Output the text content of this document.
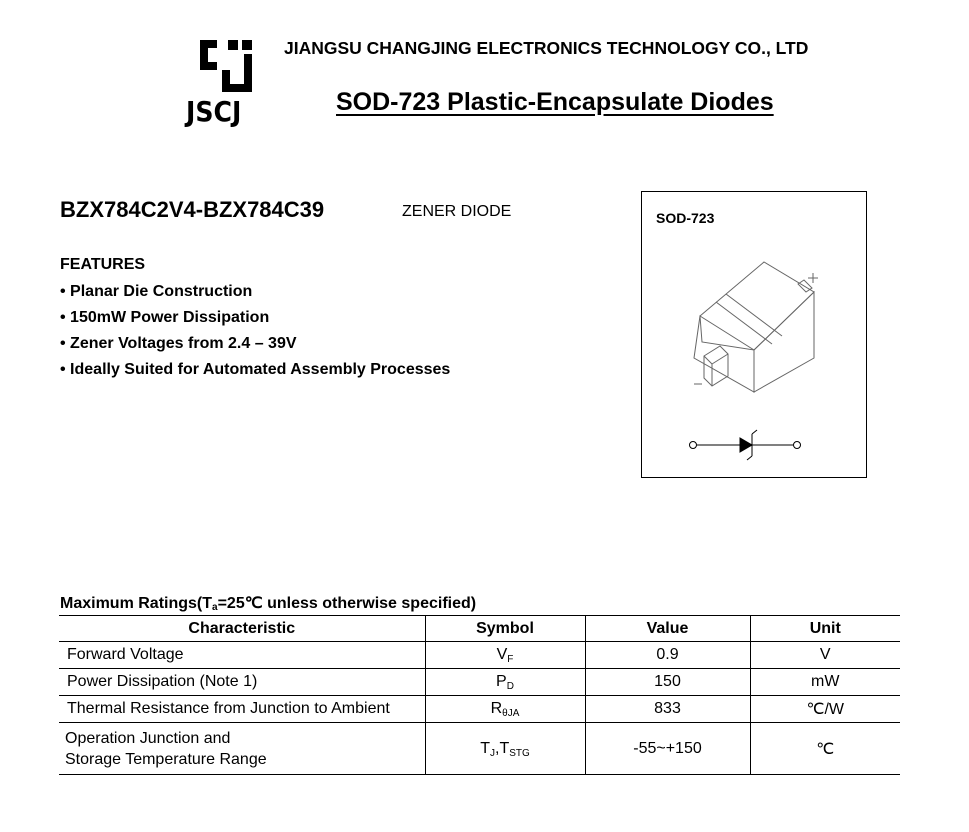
JSCJ
JIANGSU CHANGJING ELECTRONICS TECHNOLOGY CO., LTD
SOD-723 Plastic-Encapsulate Diodes
BZX784C2V4-BZX784C39	ZENER DIODE
FEATURES
• Planar Die Construction
• 150mW Power Dissipation
• Zener Voltages from 2.4 – 39V
• Ideally Suited for Automated Assembly Processes
SOD-723
Maximum $Ratings(T_a=25℃$ unless otherwise specified)
Characteristic	Symbol	Value	Unit
Forward Voltage	VF	0.9	V
Power Dissipation (Note 1)	PD	150	mW
Thermal Resistance from Junction to Ambient	RθJA	833	℃/W

Operation Junction and
Storage Temperature Range	TJ,TSTG	-55~+150	℃
